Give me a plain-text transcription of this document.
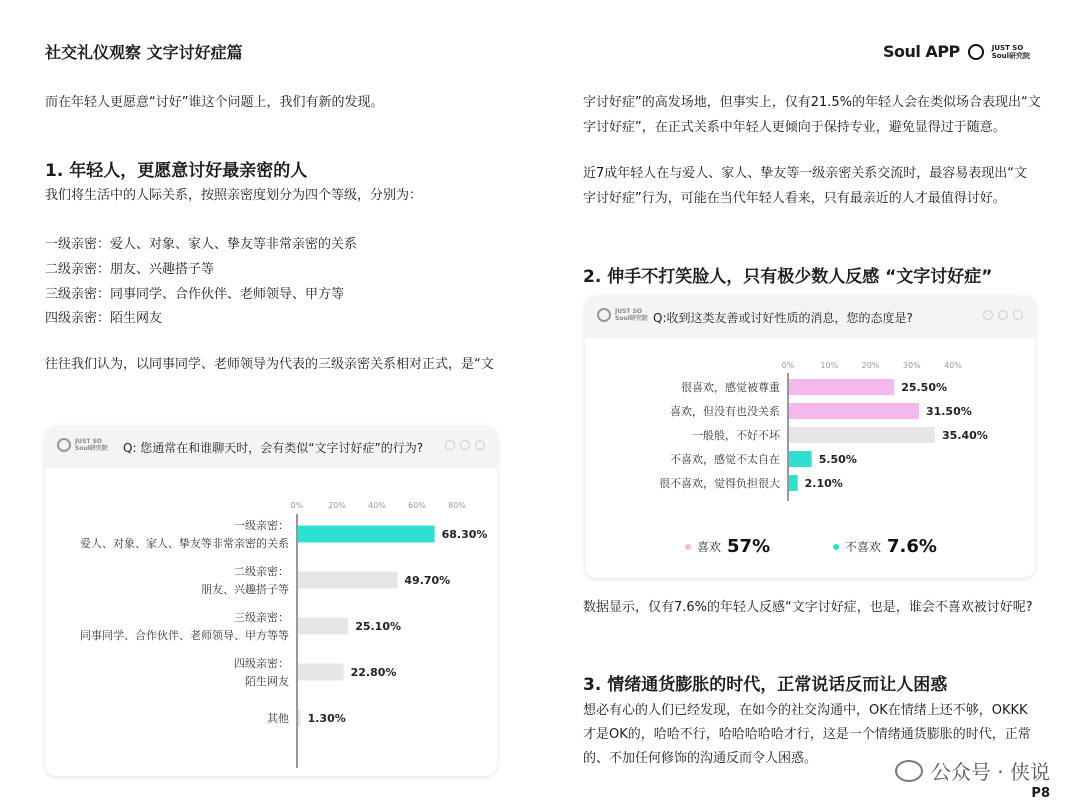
社交礼仪观察 文字讨好症篇	Soul APP	JUST SO
Soul研究院

而在年轻人更愿意“讨好”谁这个问题上，我们有新的发现。

1. 年轻人，更愿意讨好最亲密的人

我们将生活中的人际关系，按照亲密度划分为四个等级，分别为：

一级亲密：爱人、对象、家人、挚友等非常亲密的关系

二级亲密：朋友、兴趣搭子等

三级亲密：同事同学、合作伙伴、老师领导、甲方等

四级亲密：陌生网友

往往我们认为，以同事同学、老师领导为代表的三级亲密关系相对正式，是“文

JUST SO
Soul研究院 Q: 您通常在和谁聊天时，会有类似“文字讨好症”的行为?
0%	20%	40%	60%	80%
68.30%
一级亲密：
爱人、对象、家人、挚友等非常亲密的关系
49.70%
二级亲密：
朋友、兴趣搭子等
25.10%
三级亲密：
同事同学、合作伙伴、老师领导、甲方等等
22.80%
四级亲密：
陌生网友
1.30%
其他

字讨好症”的高发场地，但事实上，仅有21.5%的年轻人会在类似场合表现出“文

字讨好症”，在正式关系中年轻人更倾向于保持专业，避免显得过于随意。

近7成年轻人在与爱人、家人、挚友等一级亲密关系交流时，最容易表现出“文

字讨好症”行为，可能在当代年轻人看来，只有最亲近的人才最值得讨好。

2. 伸手不打笑脸人，只有极少数人反感 “文字讨好症”
JUST SO
Soul研究院 Q:收到这类友善或讨好性质的消息，您的态度是?
0%	10%	20%	30%	40%
25.50%
很喜欢，感觉被尊重
31.50%
喜欢，但没有也没关系
35.40%
一般般，不好不坏
5.50%
不喜欢，感觉不太自在
2.10%
很不喜欢，觉得负担很大
喜欢 57%	不喜欢 7.6%

数据显示，仅有7.6%的年轻人反感“文字讨好症，也是，谁会不喜欢被讨好呢?

3. 情绪通货膨胀的时代，正常说话反而让人困惑

想必有心的人们已经发现，在如今的社交沟通中，OK在情绪上还不够，OKKK

才是OK的，哈哈不行，哈哈哈哈哈才行，这是一个情绪通货膨胀的时代，正常

的、不加任何修饰的沟通反而令人困惑。

公众号 · 侠说
P8
